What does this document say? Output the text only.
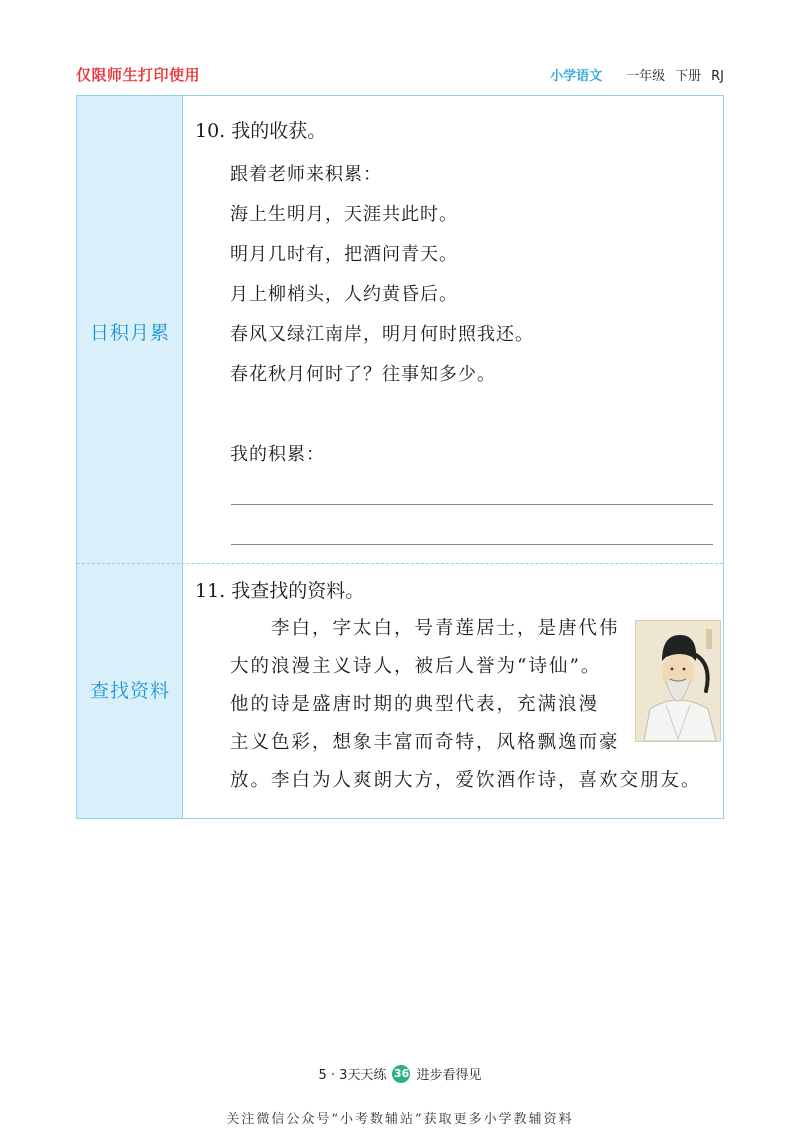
仅限师生打印使用	小学语文 一年级 下册 RJ
日积月累
查找资料
10. 我的收获。
跟着老师来积累：
海上生明月，天涯共此时。
明月几时有，把酒问青天。
月上柳梢头，人约黄昏后。
春风又绿江南岸，明月何时照我还。
春花秋月何时了？往事知多少。
我的积累：
11. 我查找的资料。
　　李白，字太白，号青莲居士，是唐代伟
大的浪漫主义诗人，被后人誉为“诗仙”。
他的诗是盛唐时期的典型代表，充满浪漫
主义色彩，想象丰富而奇特，风格飘逸而豪
放。李白为人爽朗大方，爱饮酒作诗，喜欢交朋友。
5 · 3天天练 36 进步看得见
关注微信公众号“小考数辅站”获取更多小学教辅资料
